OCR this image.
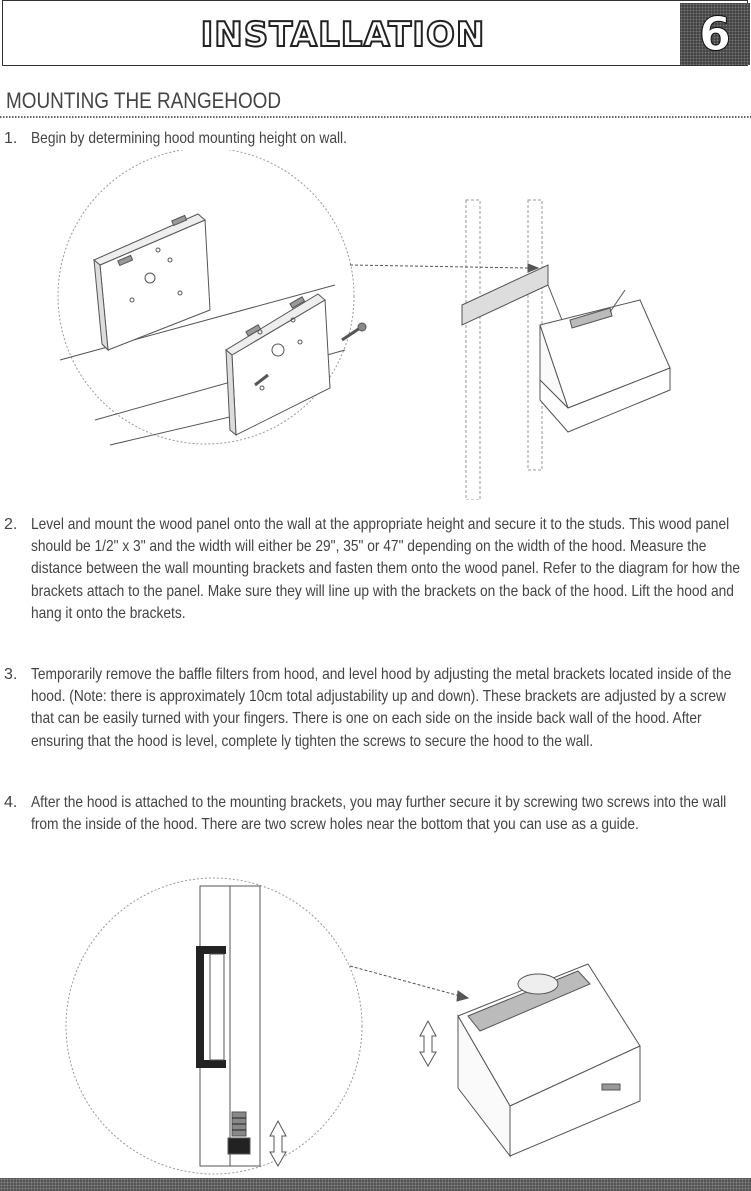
INSTALLATION	6
MOUNTING THE RANGEHOOD
1. Begin by determining hood mounting height on wall.
2. Level and mount the wood panel onto the wall at the appropriate height and secure it to the studs. This wood panel should be 1/2" x 3" and the width will either be 29", 35" or 47" depending on the width of the hood. Measure the distance between the wall mounting brackets and fasten them onto the wood panel. Refer to the diagram for how the brackets attach to the panel. Make sure they will line up with the brackets on the back of the hood. Lift the hood and hang it onto the brackets.
3. Temporarily remove the baffle filters from hood, and level hood by adjusting the metal brackets located inside of the hood. (Note: there is approximately 10cm total adjustability up and down). These brackets are adjusted by a screw that can be easily turned with your fingers. There is one on each side on the inside back wall of the hood. After ensuring that the hood is level, complete ly tighten the screws to secure the hood to the wall.
4. After the hood is attached to the mounting brackets, you may further secure it by screwing two screws into the wall from the inside of the hood. There are two screw holes near the bottom that you can use as a guide.
